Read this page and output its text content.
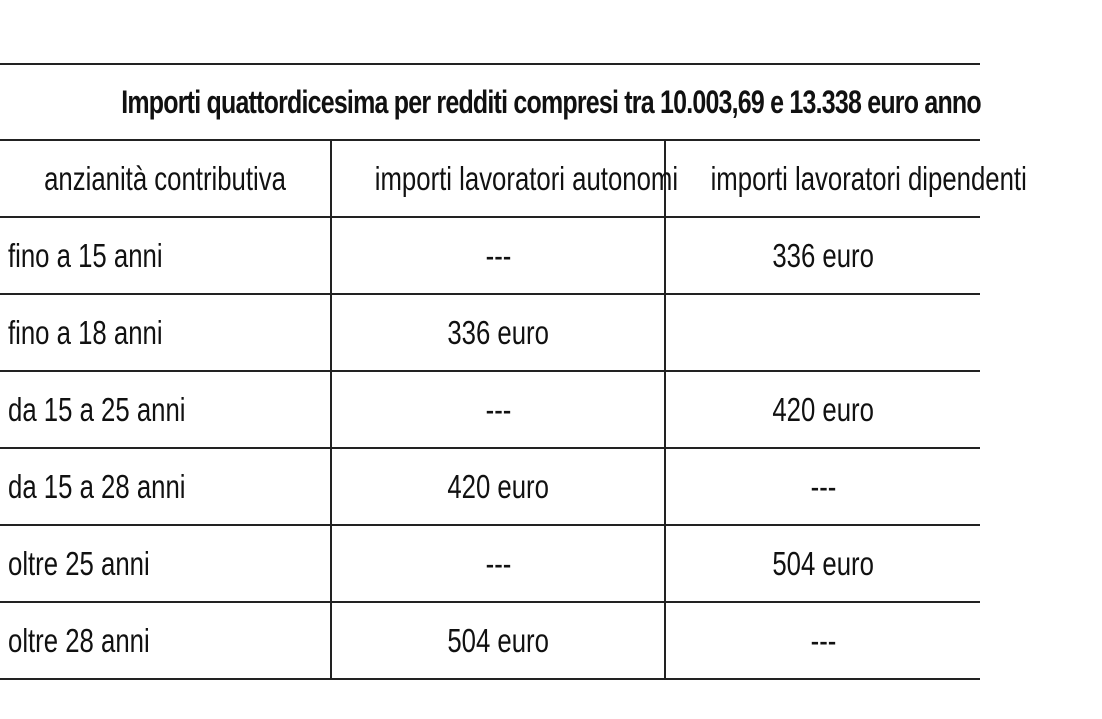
Importi quattordicesima per redditi compresi tra 10.003,69 e 13.338 euro anno		
anzianità contributiva	importi lavoratori autonomi	importi lavoratori dipendenti
fino a 15 anni	---	336 euro
fino a 18 anni	336 euro	
da 15 a 25 anni	---	420 euro
da 15 a 28 anni	420 euro	---
oltre 25 anni	---	504 euro
oltre 28 anni	504 euro	---
